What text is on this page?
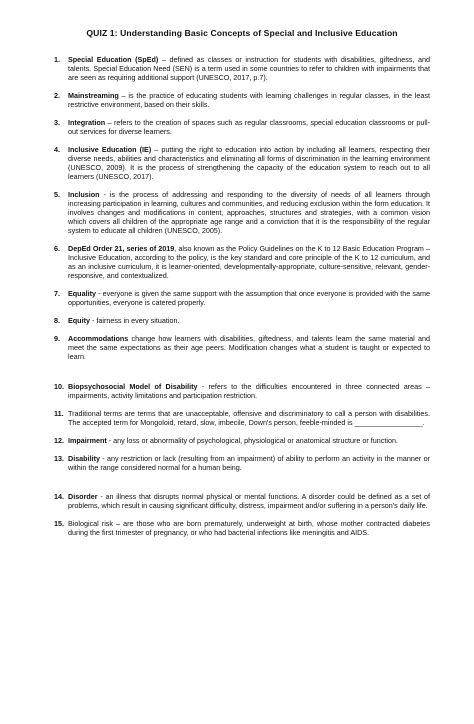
QUIZ 1: Understanding Basic Concepts of Special and Inclusive Education
1. Special Education (SpEd) – defined as classes or instruction for students with disabilities, giftedness, and talents. Special Education Need (SEN) is a term used in some countries to refer to children with impairments that are seen as requiring additional support (UNESCO, 2017, p.7).
2. Mainstreaming – is the practice of educating students with learning challenges in regular classes, in the least restrictive environment, based on their skills.
3. Integration – refers to the creation of spaces such as regular classrooms, special education classrooms or pull-out services for diverse learners.
4. Inclusive Education (IE) – putting the right to education into action by including all learners, respecting their diverse needs, abilities and characteristics and eliminating all forms of discrimination in the learning environment (UNESCO, 2009). It is the process of strengthening the capacity of the education system to reach out to all learners (UNESCO, 2017).
5. Inclusion - is the process of addressing and responding to the diversity of needs of all learners through increasing participation in learning, cultures and communities, and reducing exclusion within the form education. It involves changes and modifications in content, approaches, structures and strategies, with a common vision which covers all children of the appropriate age range and a conviction that it is the responsibility of the regular system to educate all children (UNESCO, 2005).
6. DepEd Order 21, series of 2019, also known as the Policy Guidelines on the K to 12 Basic Education Program – Inclusive Education, according to the policy, is the key standard and core principle of the K to 12 curriculum, and as an inclusive curriculum, it is learner-oriented, developmentally-appropriate, culture-sensitive, relevant, gender-responsive, and contextualized.
7. Equality - everyone is given the same support with the assumption that once everyone is provided with the same opportunities, everyone is catered properly.
8. Equity - fairness in every situation.
9. Accommodations change how learners with disabilities, giftedness, and talents learn the same material and meet the same expectations as their age peers. Modification changes what a student is taught or expected to learn.
10. Biopsychosocial Model of Disability - refers to the difficulties encountered in three connected areas – impairments, activity limitations and participation restriction.
11. Traditional terms are terms that are unacceptable, offensive and discriminatory to call a person with disabilities. The accepted term for Mongoloid, retard, slow, imbecile, Down's person, feeble-minded is _________________.
12. Impairment - any loss or abnormality of psychological, physiological or anatomical structure or function.
13. Disability - any restriction or lack (resulting from an impairment) of ability to perform an activity in the manner or within the range considered normal for a human being.
14. Disorder - an illness that disrupts normal physical or mental functions. A disorder could be defined as a set of problems, which result in causing significant difficulty, distress, impairment and/or suffering in a person's daily life.
15. Biological risk – are those who are born prematurely, underweight at birth, whose mother contracted diabetes during the first trimester of pregnancy, or who had bacterial infections like meningitis and AIDS.
